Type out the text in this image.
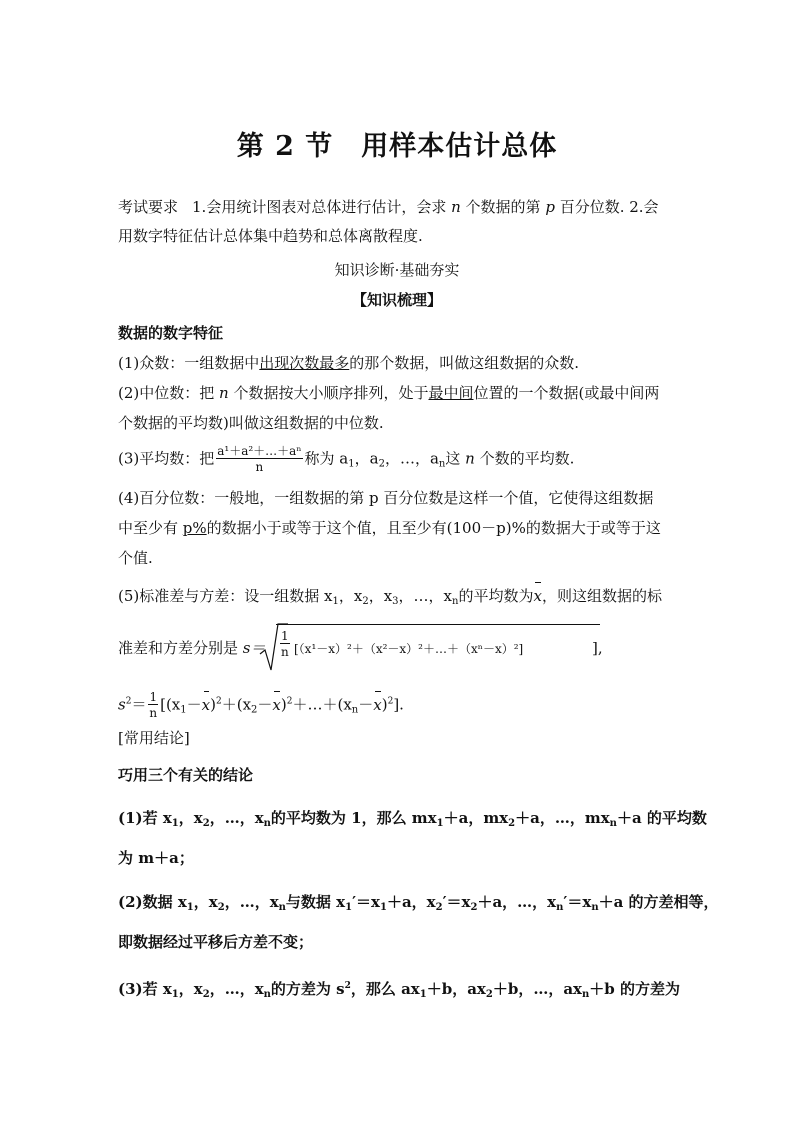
第 2 节　用样本估计总体
考试要求 1.会用统计图表对总体进行估计，会求 n 个数据的第 p 百分位数. 2.会
用数字特征估计总体集中趋势和总体离散程度.
知识诊断·基础夯实
【知识梳理】
数据的数字特征
(1)众数：一组数据中出现次数最多的那个数据，叫做这组数据的众数.
(2)中位数：把 n 个数据按大小顺序排列，处于最中间位置的一个数据(或最中间两
个数据的平均数)叫做这组数据的中位数.
(3)平均数：把 $\frac{\text{a¹＋a²＋…＋aⁿ}}{n}$ 称为 $a_1$，$a_2$，…，$a_n$这 n 个数的平均数.
(4)百分位数：一般地，一组数据的第 p 百分位数是这样一个值，它使得这组数据
中至少有 p%的数据小于或等于这个值，且至少有(100－p)%的数据大于或等于这
个值.
(5)标准差与方差：设一组数据 $x_1$，$x_2$，$x_3$，…，$x_n$的平均数为x，则这组数据的标
准差和方差分别是 $s= \frac{1}{n}$ [（x¹－x）²＋（x²－x）²＋…＋（xⁿ－x）²]	],
$s^2= \frac{1}{n}$ $[(x_1-x)^2+(x_2-x)^2+\dots+(x_n-x)^2]$.
[常用结论]
巧用三个有关的结论
(1)若 $x_1$，$x_2$，…，$x_n$的平均数为 1，那么 $mx_1+a$，$mx_2+a$，…，$mx_n+a$ 的平均数
为 m＋a；
(2)数据 $x_1$，$x_2$，…，$x_n$与数据 $x_1'=x_1+a$，$x_2'=x_2+a$，…，$x_n'=x_n+a$ 的方差相等，
即数据经过平移后方差不变；
(3)若 $x_1$，$x_2$，…，$x_n$的方差为 $s^2$，那么 $ax_1+b$，$ax_2+b$，…，$ax_n+b$ 的方差为
